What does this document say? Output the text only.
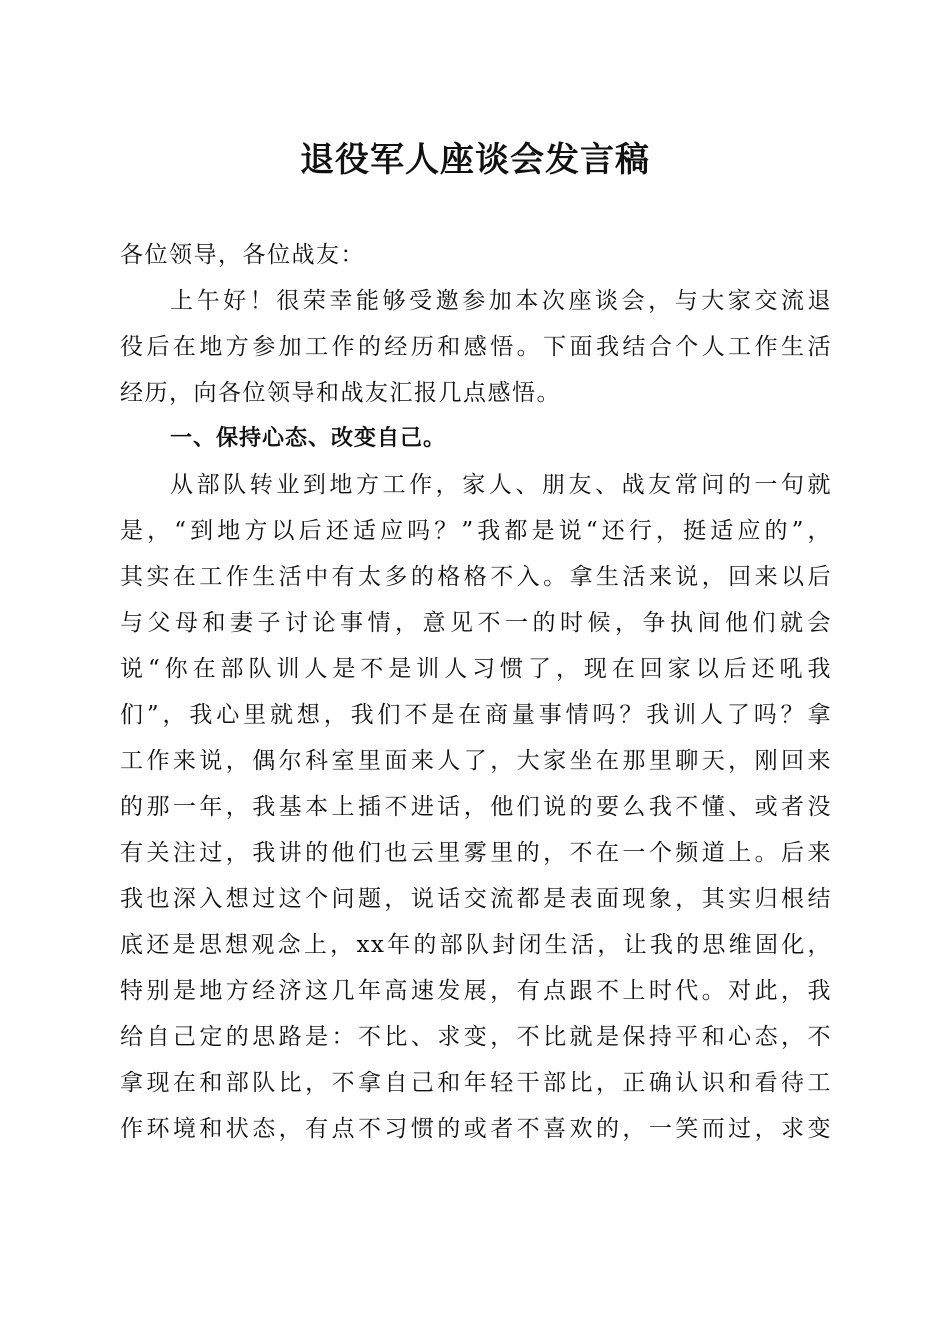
退役军人座谈会发言稿

各位领导，各位战友：

上午好！很荣幸能够受邀参加本次座谈会，与大家交流退
役后在地方参加工作的经历和感悟。下面我结合个人工作生活
经历，向各位领导和战友汇报几点感悟。

一、保持心态、改变自己。

从部队转业到地方工作，家人、朋友、战友常问的一句就
是，“到地方以后还适应吗？”我都是说“还行，挺适应的”，
其实在工作生活中有太多的格格不入。拿生活来说，回来以后
与父母和妻子讨论事情，意见不一的时候，争执间他们就会
说“你在部队训人是不是训人习惯了，现在回家以后还吼我
们”，我心里就想，我们不是在商量事情吗？我训人了吗？拿
工作来说，偶尔科室里面来人了，大家坐在那里聊天，刚回来
的那一年，我基本上插不进话，他们说的要么我不懂、或者没
有关注过，我讲的他们也云里雾里的，不在一个频道上。后来
我也深入想过这个问题，说话交流都是表面现象，其实归根结
底还是思想观念上，xx年的部队封闭生活，让我的思维固化，
特别是地方经济这几年高速发展，有点跟不上时代。对此，我
给自己定的思路是：不比、求变，不比就是保持平和心态，不
拿现在和部队比，不拿自己和年轻干部比，正确认识和看待工
作环境和状态，有点不习惯的或者不喜欢的，一笑而过，求变
